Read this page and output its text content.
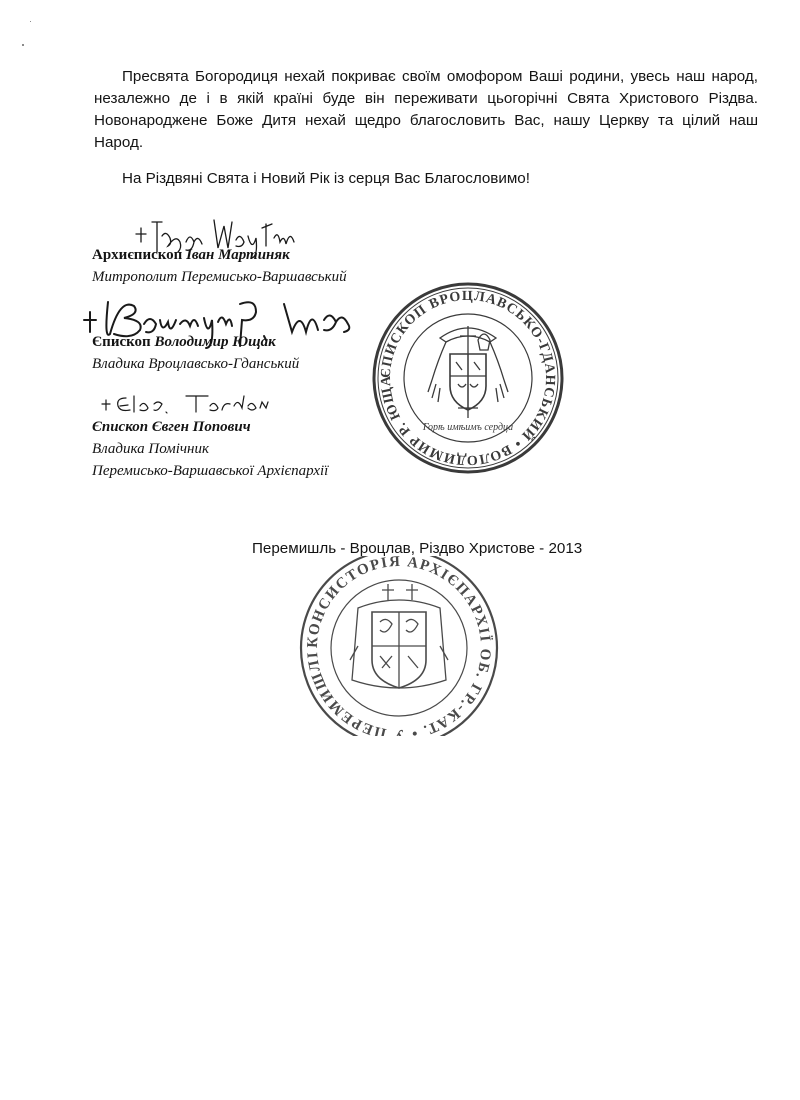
Пресвята Богородиця нехай покриває своїм омофором Ваші родини, увесь наш народ, незалежно де і в якій країні буде він переживати цьогорічні Свята Христового Різдва. Новонароджене Боже Дитя нехай щедро благословить Вас, нашу Церкву та цілий наш Народ.

На Різдвяні Свята і Новий Рік із серця Вас Благословимо!

Архиєпископ Іван Мартиняк
Митрополит Перемисько-Варшавський
Єпископ Володимир Ющак
Владика Вроцлавсько-Гданський
Єпископ Євген Попович
Владика Помічник
Перемисько-Варшавської Архієпархії
ЄПИСКОП ВРОЦЛАВСЬКО-ГДАНСЬКИЙ • ВОЛОДИМИР Р. ЮЩА
Горѣ имѣимъ сердца
Перемишль - Вроцлав, Різдво Христове - 2013
КОНСИСТОРІЯ АРХІЄПАРХІЇ ОБ. ГР.-КАТ. • У ПЕРЕМИШЛІ
